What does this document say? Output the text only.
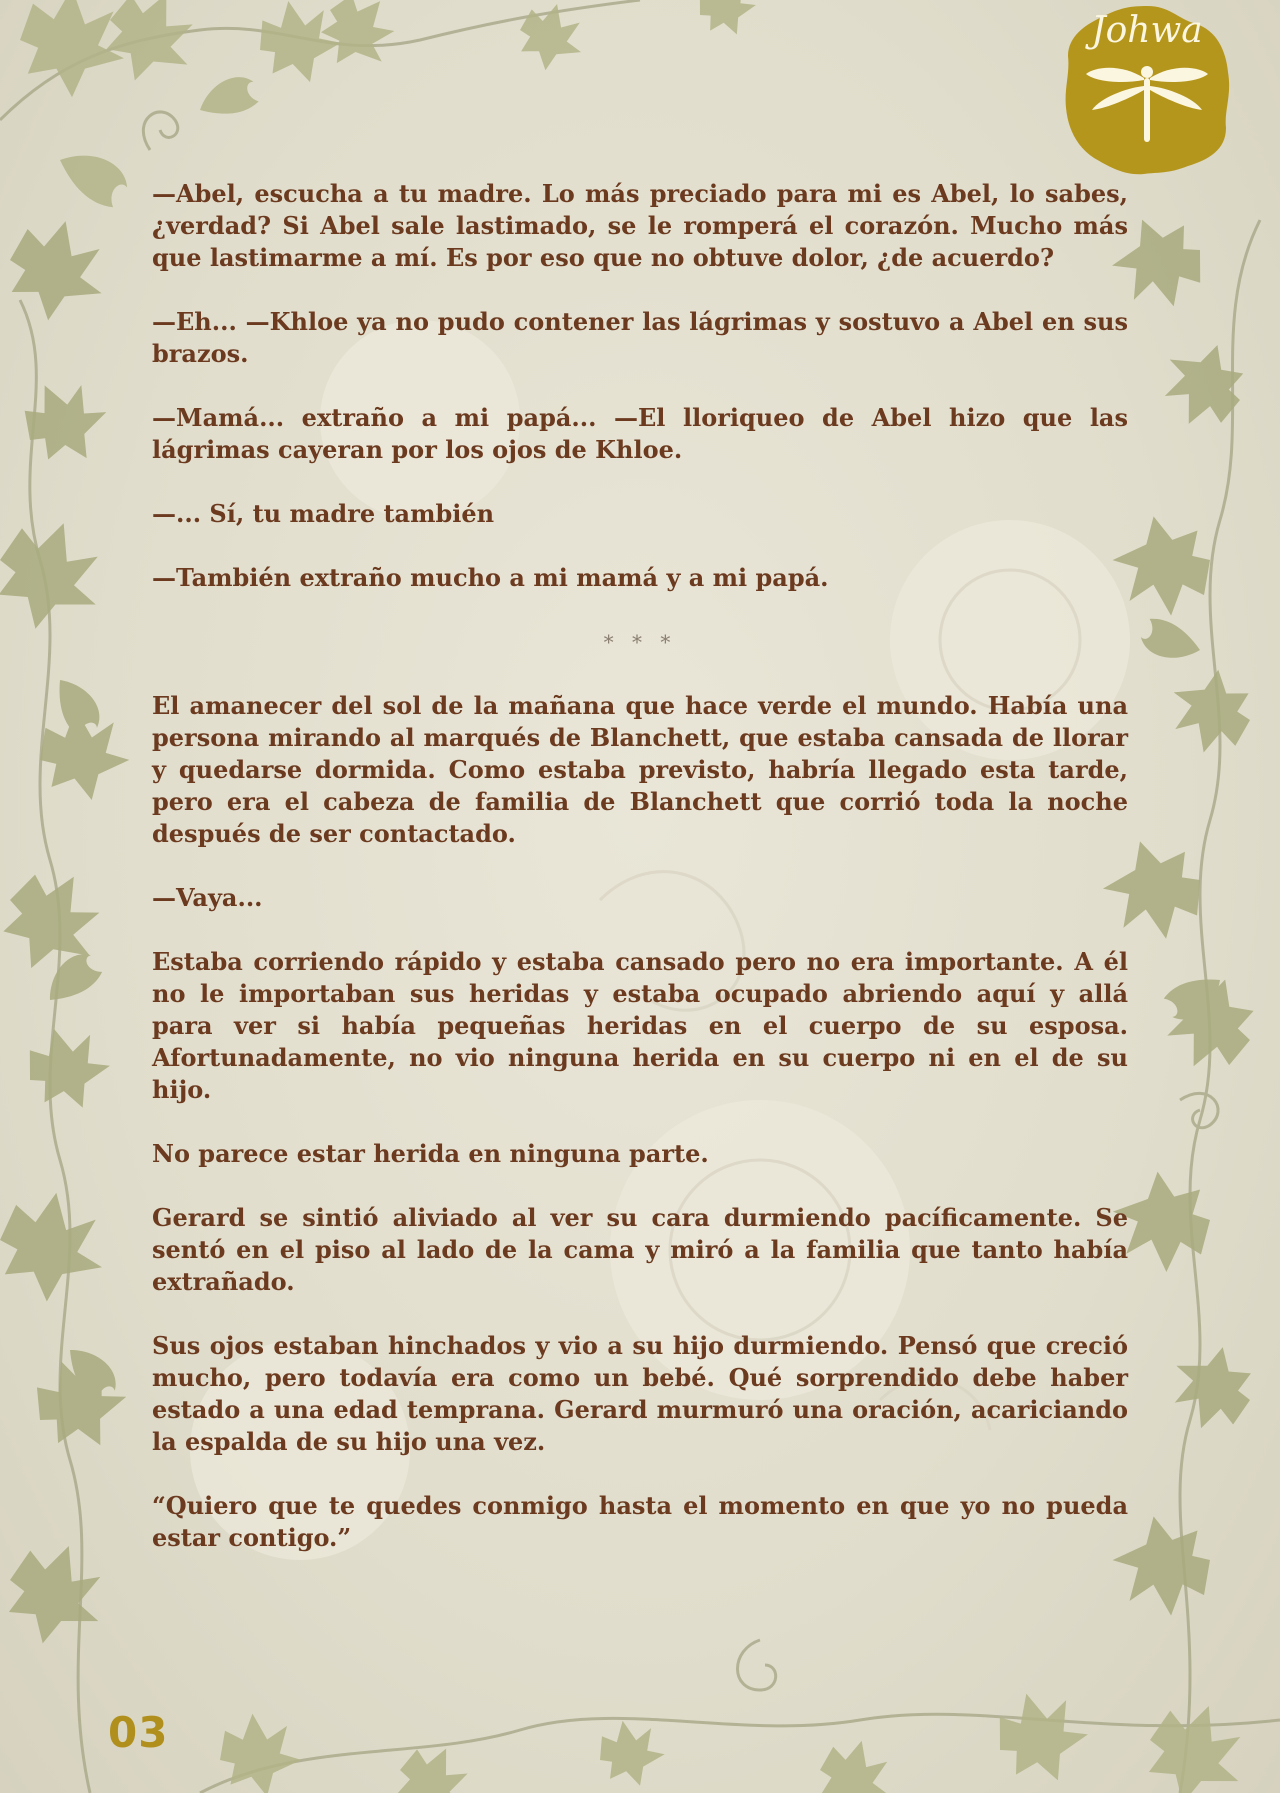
Johwa

—Abel, escucha a tu madre. Lo más preciado para mi es Abel, lo sabes, ¿verdad? Si Abel sale lastimado, se le romperá el corazón. Mucho más que lastimarme a mí. Es por eso que no obtuve dolor, ¿de acuerdo?

—Eh... —Khloe ya no pudo contener las lágrimas y sostuvo a Abel en sus brazos.

—Mamá... extraño a mi papá... —El lloriqueo de Abel hizo que las lágrimas cayeran por los ojos de Khloe.

—... Sí, tu madre también

—También extraño mucho a mi mamá y a mi papá.

* * *

El amanecer del sol de la mañana que hace verde el mundo. Había una persona mirando al marqués de Blanchett, que estaba cansada de llorar y quedarse dormida. Como estaba previsto, habría llegado esta tarde, pero era el cabeza de familia de Blanchett que corrió toda la noche después de ser contactado.

—Vaya...

Estaba corriendo rápido y estaba cansado pero no era importante. A él no le importaban sus heridas y estaba ocupado abriendo aquí y allá para ver si había pequeñas heridas en el cuerpo de su esposa. Afortunadamente, no vio ninguna herida en su cuerpo ni en el de su hijo.

No parece estar herida en ninguna parte.

Gerard se sintió aliviado al ver su cara durmiendo pacíficamente. Se sentó en el piso al lado de la cama y miró a la familia que tanto había extrañado.

Sus ojos estaban hinchados y vio a su hijo durmiendo. Pensó que creció mucho, pero todavía era como un bebé. Qué sorprendido debe haber estado a una edad temprana. Gerard murmuró una oración, acariciando la espalda de su hijo una vez.

“Quiero que te quedes conmigo hasta el momento en que yo no pueda estar contigo.”

03
